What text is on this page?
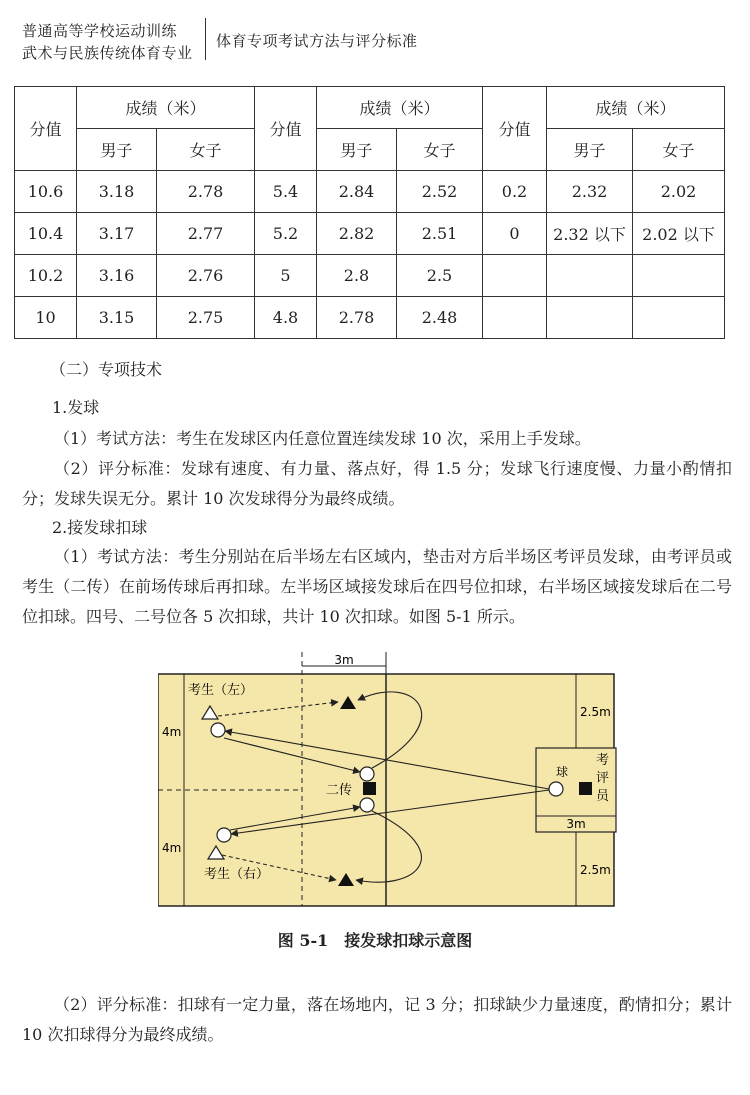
普通高等学校运动训练
武术与民族传统体育专业
体育专项考试方法与评分标准
分值	成绩（米）		分值	成绩（米）		分值	成绩（米）	
	男子	女子		男子	女子		男子	女子
10.6	3.18	2.78	5.4	2.84	2.52	0.2	2.32	2.02
10.4	3.17	2.77	5.2	2.82	2.51	0	2.32 以下	2.02 以下
10.2	3.16	2.76	5	2.8	2.5			
10	3.15	2.75	4.8	2.78	2.48			
（二）专项技术
1.发球
（1）考试方法：考生在发球区内任意位置连续发球 10 次，采用上手发球。
（2）评分标准：发球有速度、有力量、落点好，得 1.5 分；发球飞行速度慢、力量小酌情扣分；发球失误无分。累计 10 次发球得分为最终成绩。
2.接发球扣球
（1）考试方法：考生分别站在后半场左右区域内，垫击对方后半场区考评员发球，由考评员或考生（二传）在前场传球后再扣球。左半场区域接发球后在四号位扣球，右半场区域接发球后在二号位扣球。四号、二号位各 5 次扣球，共计 10 次扣球。如图 5-1 所示。
3m
4m
4m
2.5m
2.5m
3m
球
考
评
员
考生（左）
考生（右）
二传
图 5-1　接发球扣球示意图
（2）评分标准：扣球有一定力量，落在场地内，记 3 分；扣球缺少力量速度，酌情扣分；累计 10 次扣球得分为最终成绩。
